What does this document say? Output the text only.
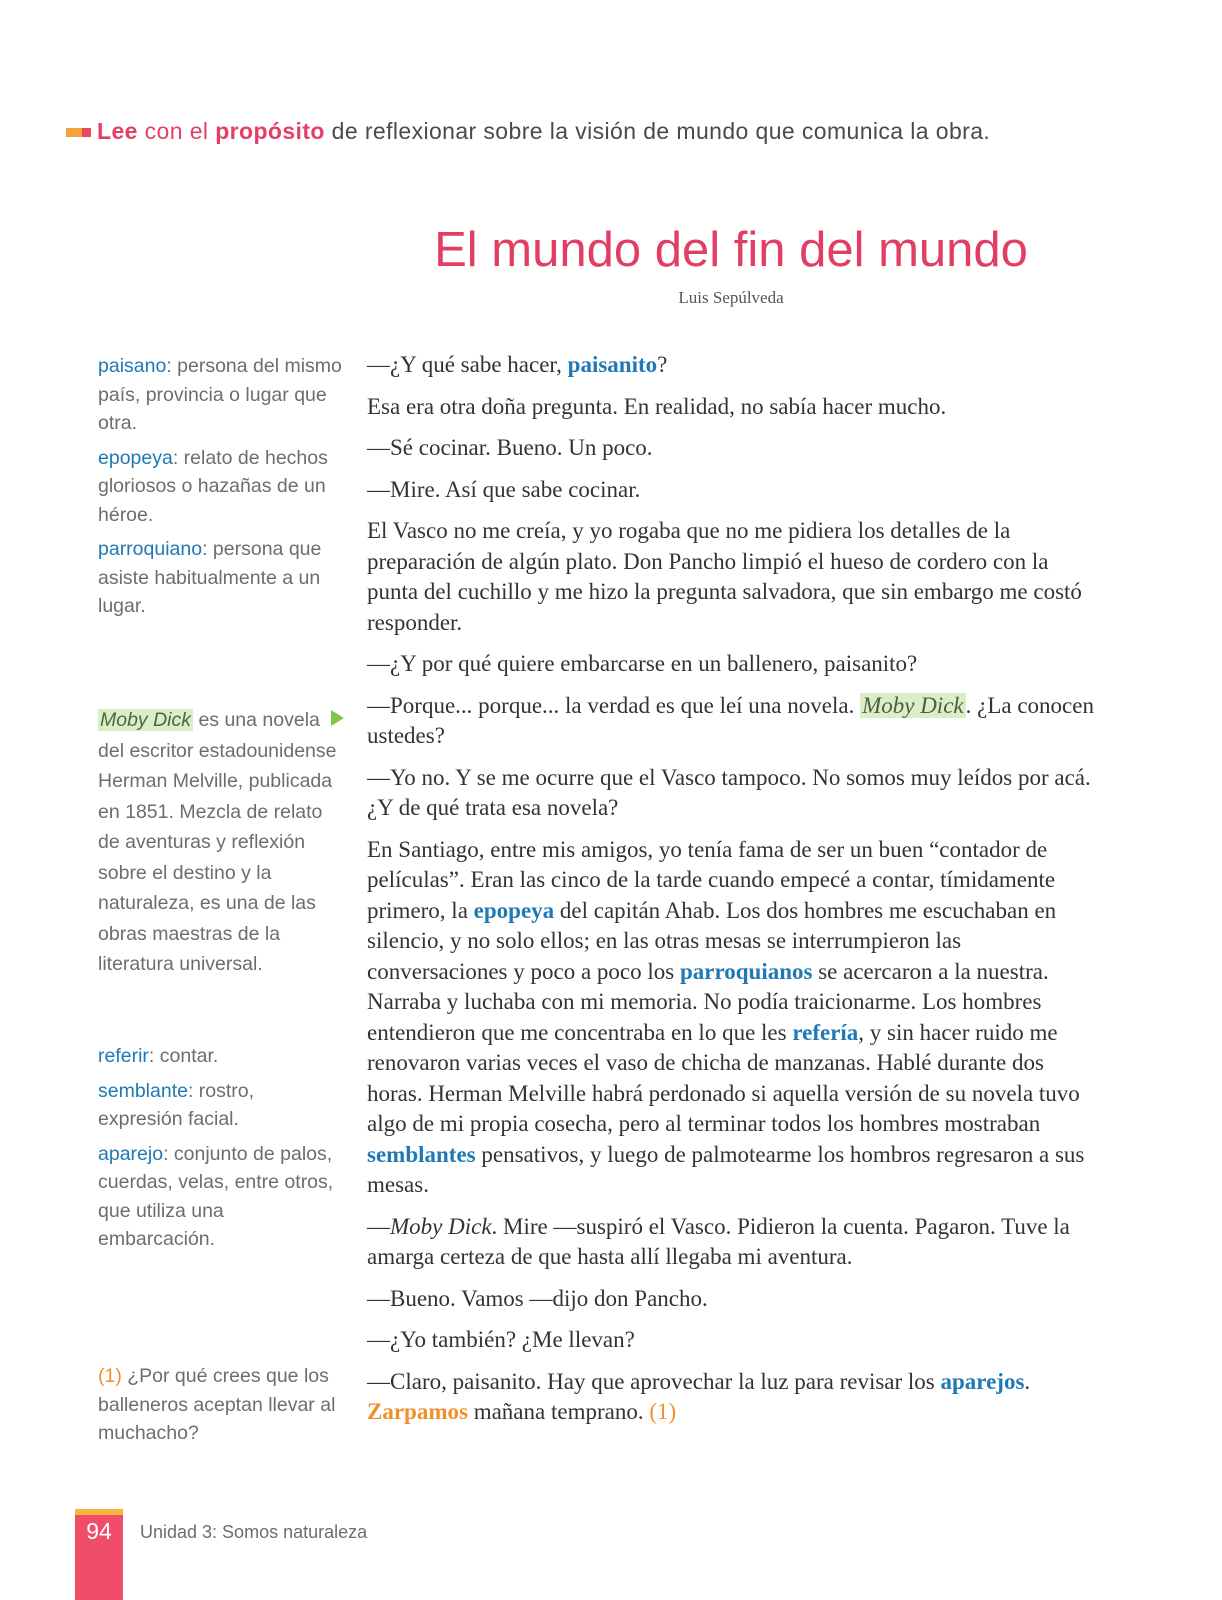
Lee con el propósito de reflexionar sobre la visión de mundo que comunica la obra.
El mundo del fin del mundo
Luis Sepúlveda

paisano: persona del mismo país, provincia o lugar que otra.

epopeya: relato de hechos gloriosos o hazañas de un héroe.

parroquiano: persona que asiste habitualmente a un lugar.

Moby Dick es una novela del escritor estadounidense Herman Melville, publicada en 1851. Mezcla de relato de aventuras y reflexión sobre el destino y la naturaleza, es una de las obras maestras de la literatura universal.

referir: contar.

semblante: rostro, expresión facial.

aparejo: conjunto de palos, cuerdas, velas, entre otros, que utiliza una embarcación.

(1) ¿Por qué crees que los balleneros aceptan llevar al muchacho?

—¿Y qué sabe hacer, paisanito?

Esa era otra doña pregunta. En realidad, no sabía hacer mucho.

—Sé cocinar. Bueno. Un poco.

—Mire. Así que sabe cocinar.

El Vasco no me creía, y yo rogaba que no me pidiera los detalles de la preparación de algún plato. Don Pancho limpió el hueso de cordero con la punta del cuchillo y me hizo la pregunta salvadora, que sin embargo me costó responder.

—¿Y por qué quiere embarcarse en un ballenero, paisanito?

—Porque... porque... la verdad es que leí una novela. Moby Dick. ¿La conocen ustedes?

—Yo no. Y se me ocurre que el Vasco tampoco. No somos muy leídos por acá. ¿Y de qué trata esa novela?

En Santiago, entre mis amigos, yo tenía fama de ser un buen “contador de películas”. Eran las cinco de la tarde cuando empecé a contar, tímidamente primero, la epopeya del capitán Ahab. Los dos hombres me escuchaban en silencio, y no solo ellos; en las otras mesas se interrumpieron las conversaciones y poco a poco los parroquianos se acercaron a la nuestra. Narraba y luchaba con mi memoria. No podía traicionarme. Los hombres entendieron que me concentraba en lo que les refería, y sin hacer ruido me renovaron varias veces el vaso de chicha de manzanas. Hablé durante dos horas. Herman Melville habrá perdonado si aquella versión de su novela tuvo algo de mi propia cosecha, pero al terminar todos los hombres mostraban semblantes pensativos, y luego de palmotearme los hombros regresaron a sus mesas.

—Moby Dick. Mire —suspiró el Vasco. Pidieron la cuenta. Pagaron. Tuve la amarga certeza de que hasta allí llegaba mi aventura.

—Bueno. Vamos —dijo don Pancho.

—¿Yo también? ¿Me llevan?

—Claro, paisanito. Hay que aprovechar la luz para revisar los aparejos. Zarpamos mañana temprano. (1)

94	Unidad 3: Somos naturaleza
